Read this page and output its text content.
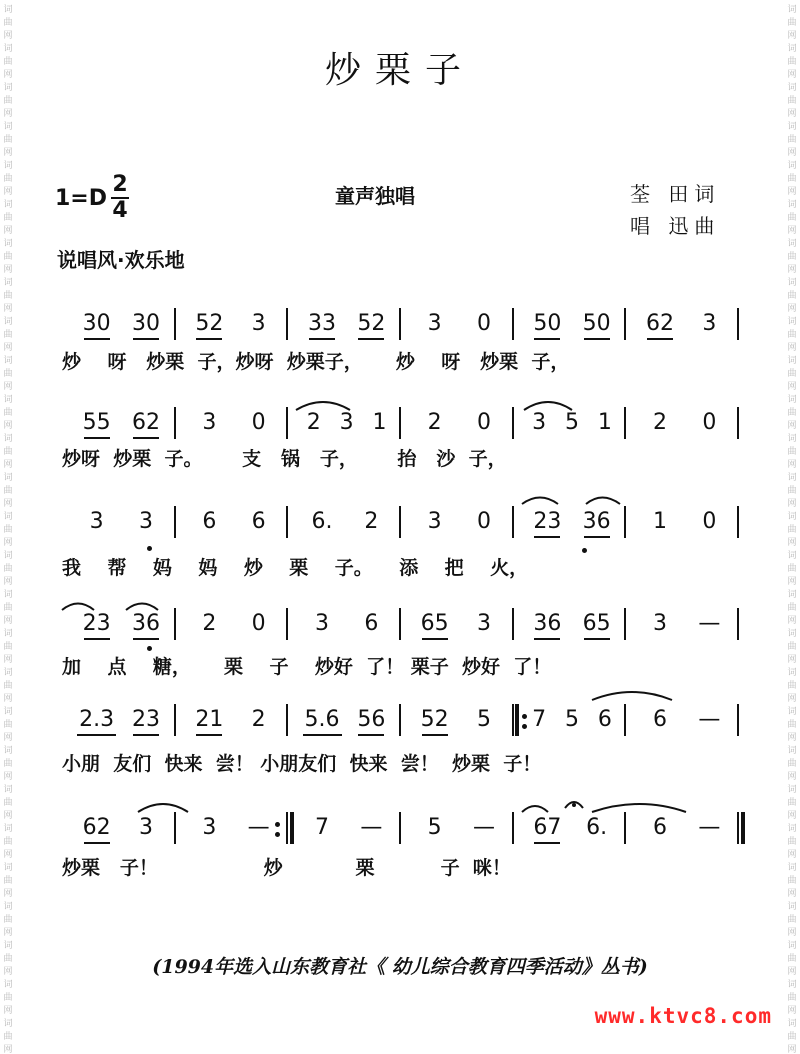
词
曲
网
词
曲
网
词
曲
网
词
曲
网
词
曲
网
词
曲
网
词
曲
网
词
曲
网
词
曲
网
词
曲
网
词
曲
网
词
曲
网
词
曲
网
词
曲
网
词
曲
网
词
曲
网
词
曲
网
词
曲
网
词
曲
网
词
曲
网
词
曲
网
词
曲
网
词
曲
网
词
曲
网
词
曲
网
词
曲
网
词
曲
网
词
曲
网
词
曲
网
词
曲
网
词
曲
网
词
曲
网
词
曲
网
词
曲
网
词
曲
网
词
曲
网
词
曲
网
词
曲
网
词
曲
网
词
曲
网
词
曲
网
词
曲
网
词
曲
网
词
曲
网
词
曲
网
词
曲
网
词
曲
网
词
曲
网
词
曲
网
词
曲
网
词
曲
网
词
曲
网
词
曲
网
词
曲
网
炒栗子
$1=D \frac{2}{4}$	童声独唱	荃 田词
唱 迅曲
说唱风·欢乐地
30 30 52 3 33 52 3 0 50 50 62 3
55 62 3 0 2 3 1 2 0 3 5 1 2 0
3 3 6 6 6. 2 3 0 23 36 1 0
23 36 2 0 3 6 65 3 36 65 3 —
2.3 23 21 2 5.6 56 52 5 7 5 6 6 —
62 3 3 — 7 — 5 — 67 6. 6 —
炒    呀   炒栗  子，炒呀  炒栗子，     炒    呀   炒栗  子，
炒呀  炒栗  子。      支   锅   子，      抬   沙  子，
我    帮    妈    妈    炒    栗    子。    添    把    火，
加    点    糖，     栗    子    炒好  了！ 栗子  炒好  了！
小朋  友们  快来  尝！ 小朋友们  快来  尝！  炒栗  子！
炒栗   子！                炒           栗          子  咪！
(1994年选入山东教育社《 幼儿综合教育四季活动》丛书)
www.ktvc8.com
